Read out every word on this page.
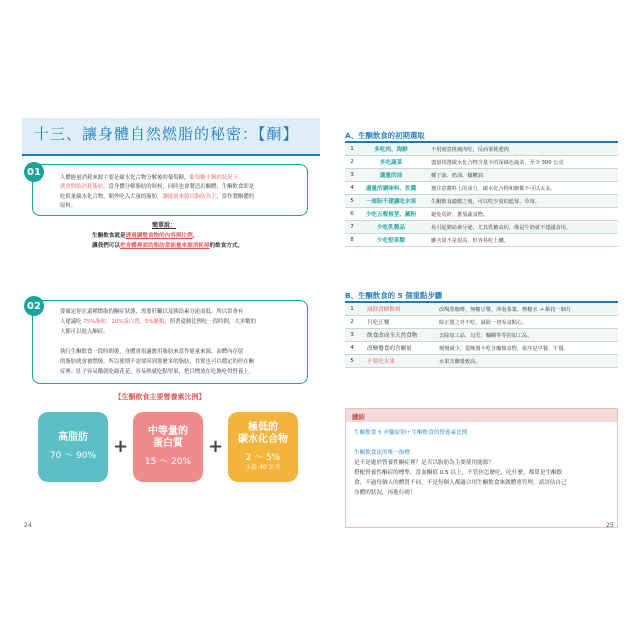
十三、讓身體自然燃脂的秘密：【酮】
01
人體能量消耗來源主要是碳水化合物分解後的葡萄糖，葡萄糖不夠的狀況下，
就會開始消耗脂肪，當身體分解脂肪的時候，同時也會製造出酮體；生酮飲食即是
吃很量碳水化合物、額外吃入大量的脂肪，讓能量來源以脂肪為主，當作製酮體的
原料。
簡單說：
生酮飲食就是透過調整食物的內容與比例，
讓我們可以把身體裡面的脂肪當能量來源消耗掉的飲食方式。
02
要確定你在還種燃脂的酮症狀態，需要肝臟以及胰島素分泌而低，所以常會有
人建議吃 75%脂肪、20%蛋白質、5%醣類，照著還個比例吃一段時間，大多數的
人都可以進入酮症。
執行生酮飲食一段時間後，身體會很適應用脂肪來當作能量來源，而體內存留
的脂肪就會被燃燒，所以後期不需要因到那麼多的脂肪，其實也可以穩定的停在酮
症裡；肚子容易餓就吃綠花花，容易熱就吃點堅果，把目標放在吃飽吃得營養上。
【生酮飲食主要營養素比例】
高脂肪
70 ～ 90% +
中等量的
蛋白質
15 ～ 20%
+
極低的
碳水化合物
2 ～ 5%
小於 40 公克
24
A、生酮飲食的初期選取
1	多吃肉、海鮮	不用刻意挑瘦肉吃，反而要挑肥肉
2	多吃蔬菜	盡量找選碳水化合物含量少的深綠色蔬菜，至少 300 公克
3	適量的油	椰子油、奶油、橄欖油
4	適量的調味料、佐醬	選注意醬料上的成分，碳水化合物和糖都不可以太多。
5	一周盼不建議吃水果	生酮飲食適應之後，可以吃少量的藍莓、草莓。
6	少吃五穀根莖、澱粉	避免馬鈴、蕃茄蔬食物。
7	少吃乳製品	易引起胰島素分泌，尤其乳糖高的，像是牛奶就不建議食用。
8	少吃堅果類	雖含量不是很高，但容易吃上癮。
B、生酮飲食的 5 個重點步驟
1	減除食糖飲料	改喝黑咖啡、無糖豆漿、沖泡茶葉、檸檬水 → 維持一個月
2	只吃正餐	除正餐之外不吃，減除一切零食點心。
3	飲食改成全天然食物	去除加工品、勾芡、麵糊等等的加工品。
4	改變餐食的含醣量	慢慢減少，從晚餐不吃含醣類食物，依序是早餐、午餐。
5	不要吃水果	水果含醣量較高。
總結
生酮飲食 5 步驟原則＋生酮飲食的營養素比例
生酮飲食法的唯一指標
是不是處於營養性酮症裡？是否以脂肪為主要使用能源？
搭配營養性酮症的標準，當血酮值 0.5 以上，不管你怎麼吃，吃什麼，都算是生酮飲
食，不過每個人的體質不同，不是每個人都適合用生酮飲食來做體重管理，請評估自己
身體的狀況，再進行唷！
25
